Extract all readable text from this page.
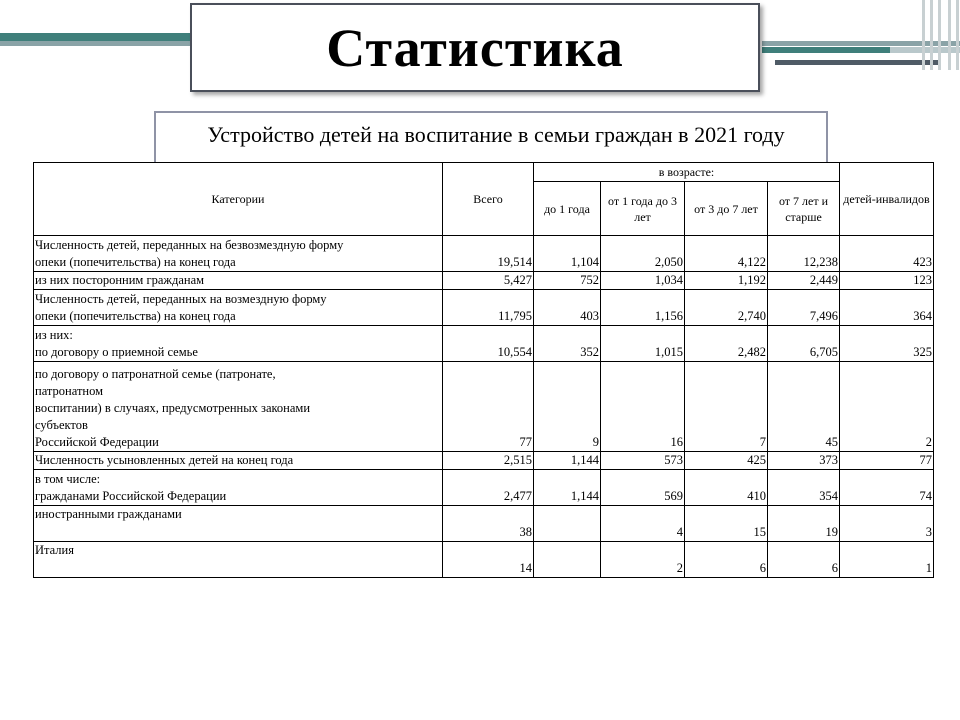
Статистика
Устройство детей на воспитание в семьи граждан в 2021 году
Категории	Всего	в возрасте:				детей-инвалидов
		до 1 года	от 1 года до 3 лет	от 3 до 7 лет	от 7 лет и старше	

Численность детей, переданных на безвозмездную форму
опеки (попечительства) на конец года	19,514	1,104	2,050	4,122	12,238	423

из них посторонним гражданам	5,427	752	1,034	1,192	2,449	123

Численность детей, переданных на возмездную форму
опеки (попечительства) на конец года	11,795	403	1,156	2,740	7,496	364

из них:
по договору о приемной семье	10,554	352	1,015	2,482	6,705	325

по договору о патронатной семье (патронате,
патронатном
воспитании) в случаях, предусмотренных законами
субъектов
Российской Федерации	77	9	16	7	45	2

Численность усыновленных детей на конец года	2,515	1,144	573	425	373	77

в том числе:
гражданами Российской Федерации	2,477	1,144	569	410	354	74

иностранными гражданами	38		4	15	19	3

Италия	14		2	6	6	1
